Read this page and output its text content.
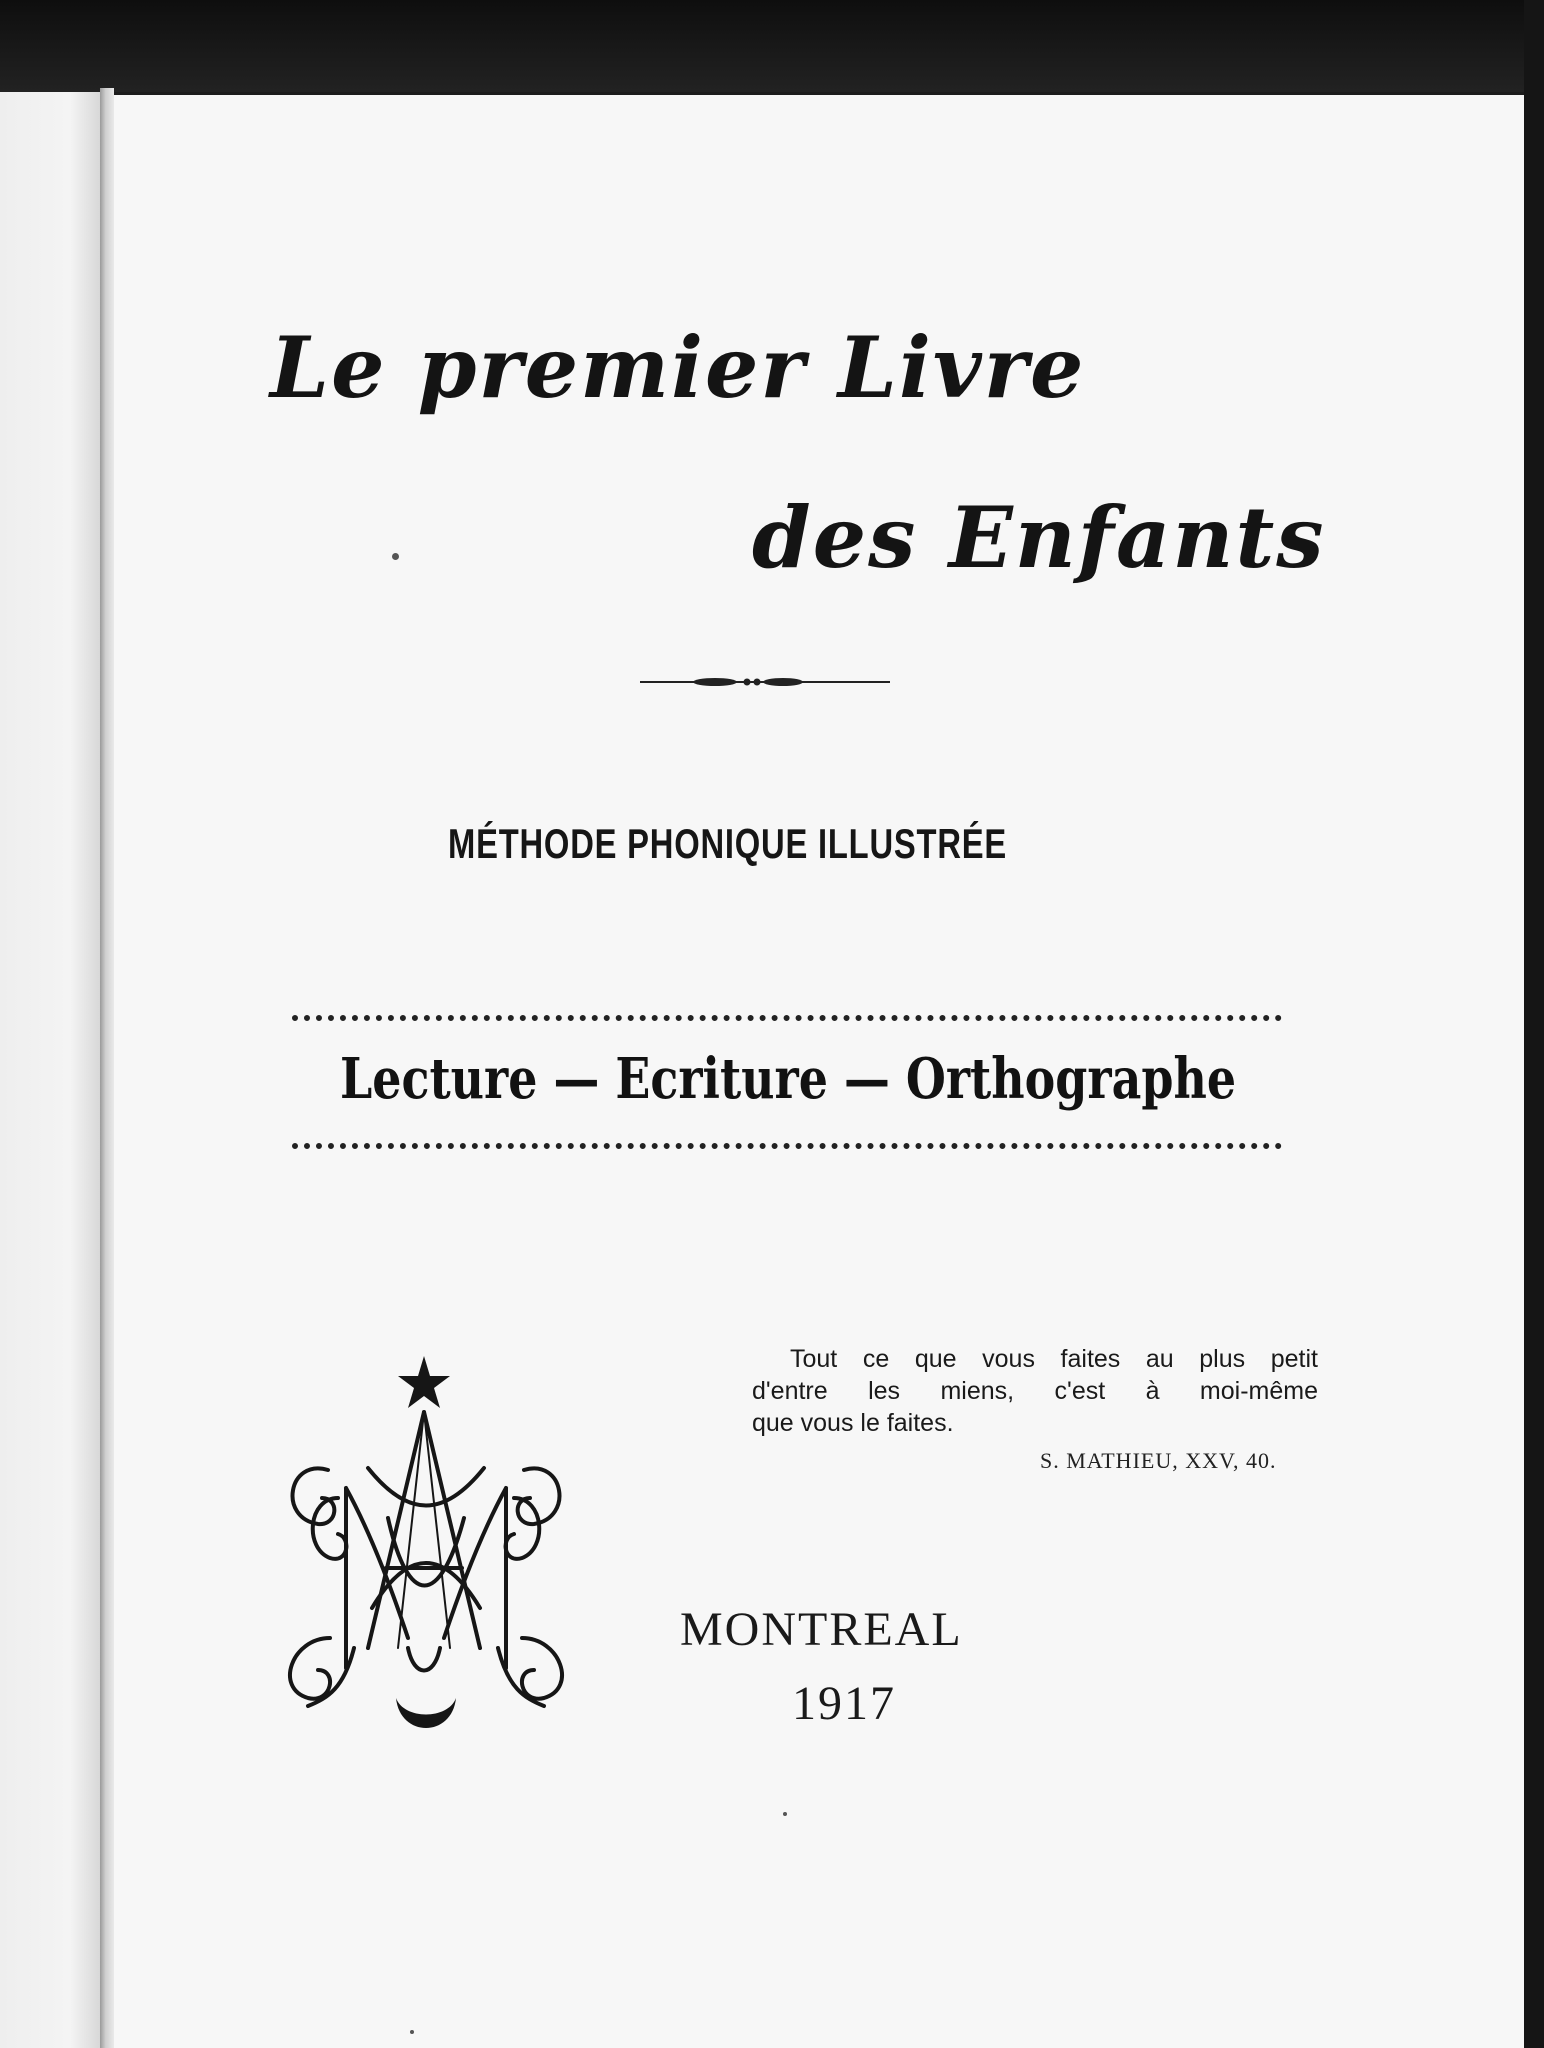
Le premier Livre
des Enfants
MÉTHODE PHONIQUE ILLUSTRÉE
Lecture — Ecriture — Orthographe
Tout ce que vous faites au plus petit
d'entre les miens, c'est à moi-même
que vous le faites.
S. MATHIEU, XXV, 40.
MONTREAL
1917
